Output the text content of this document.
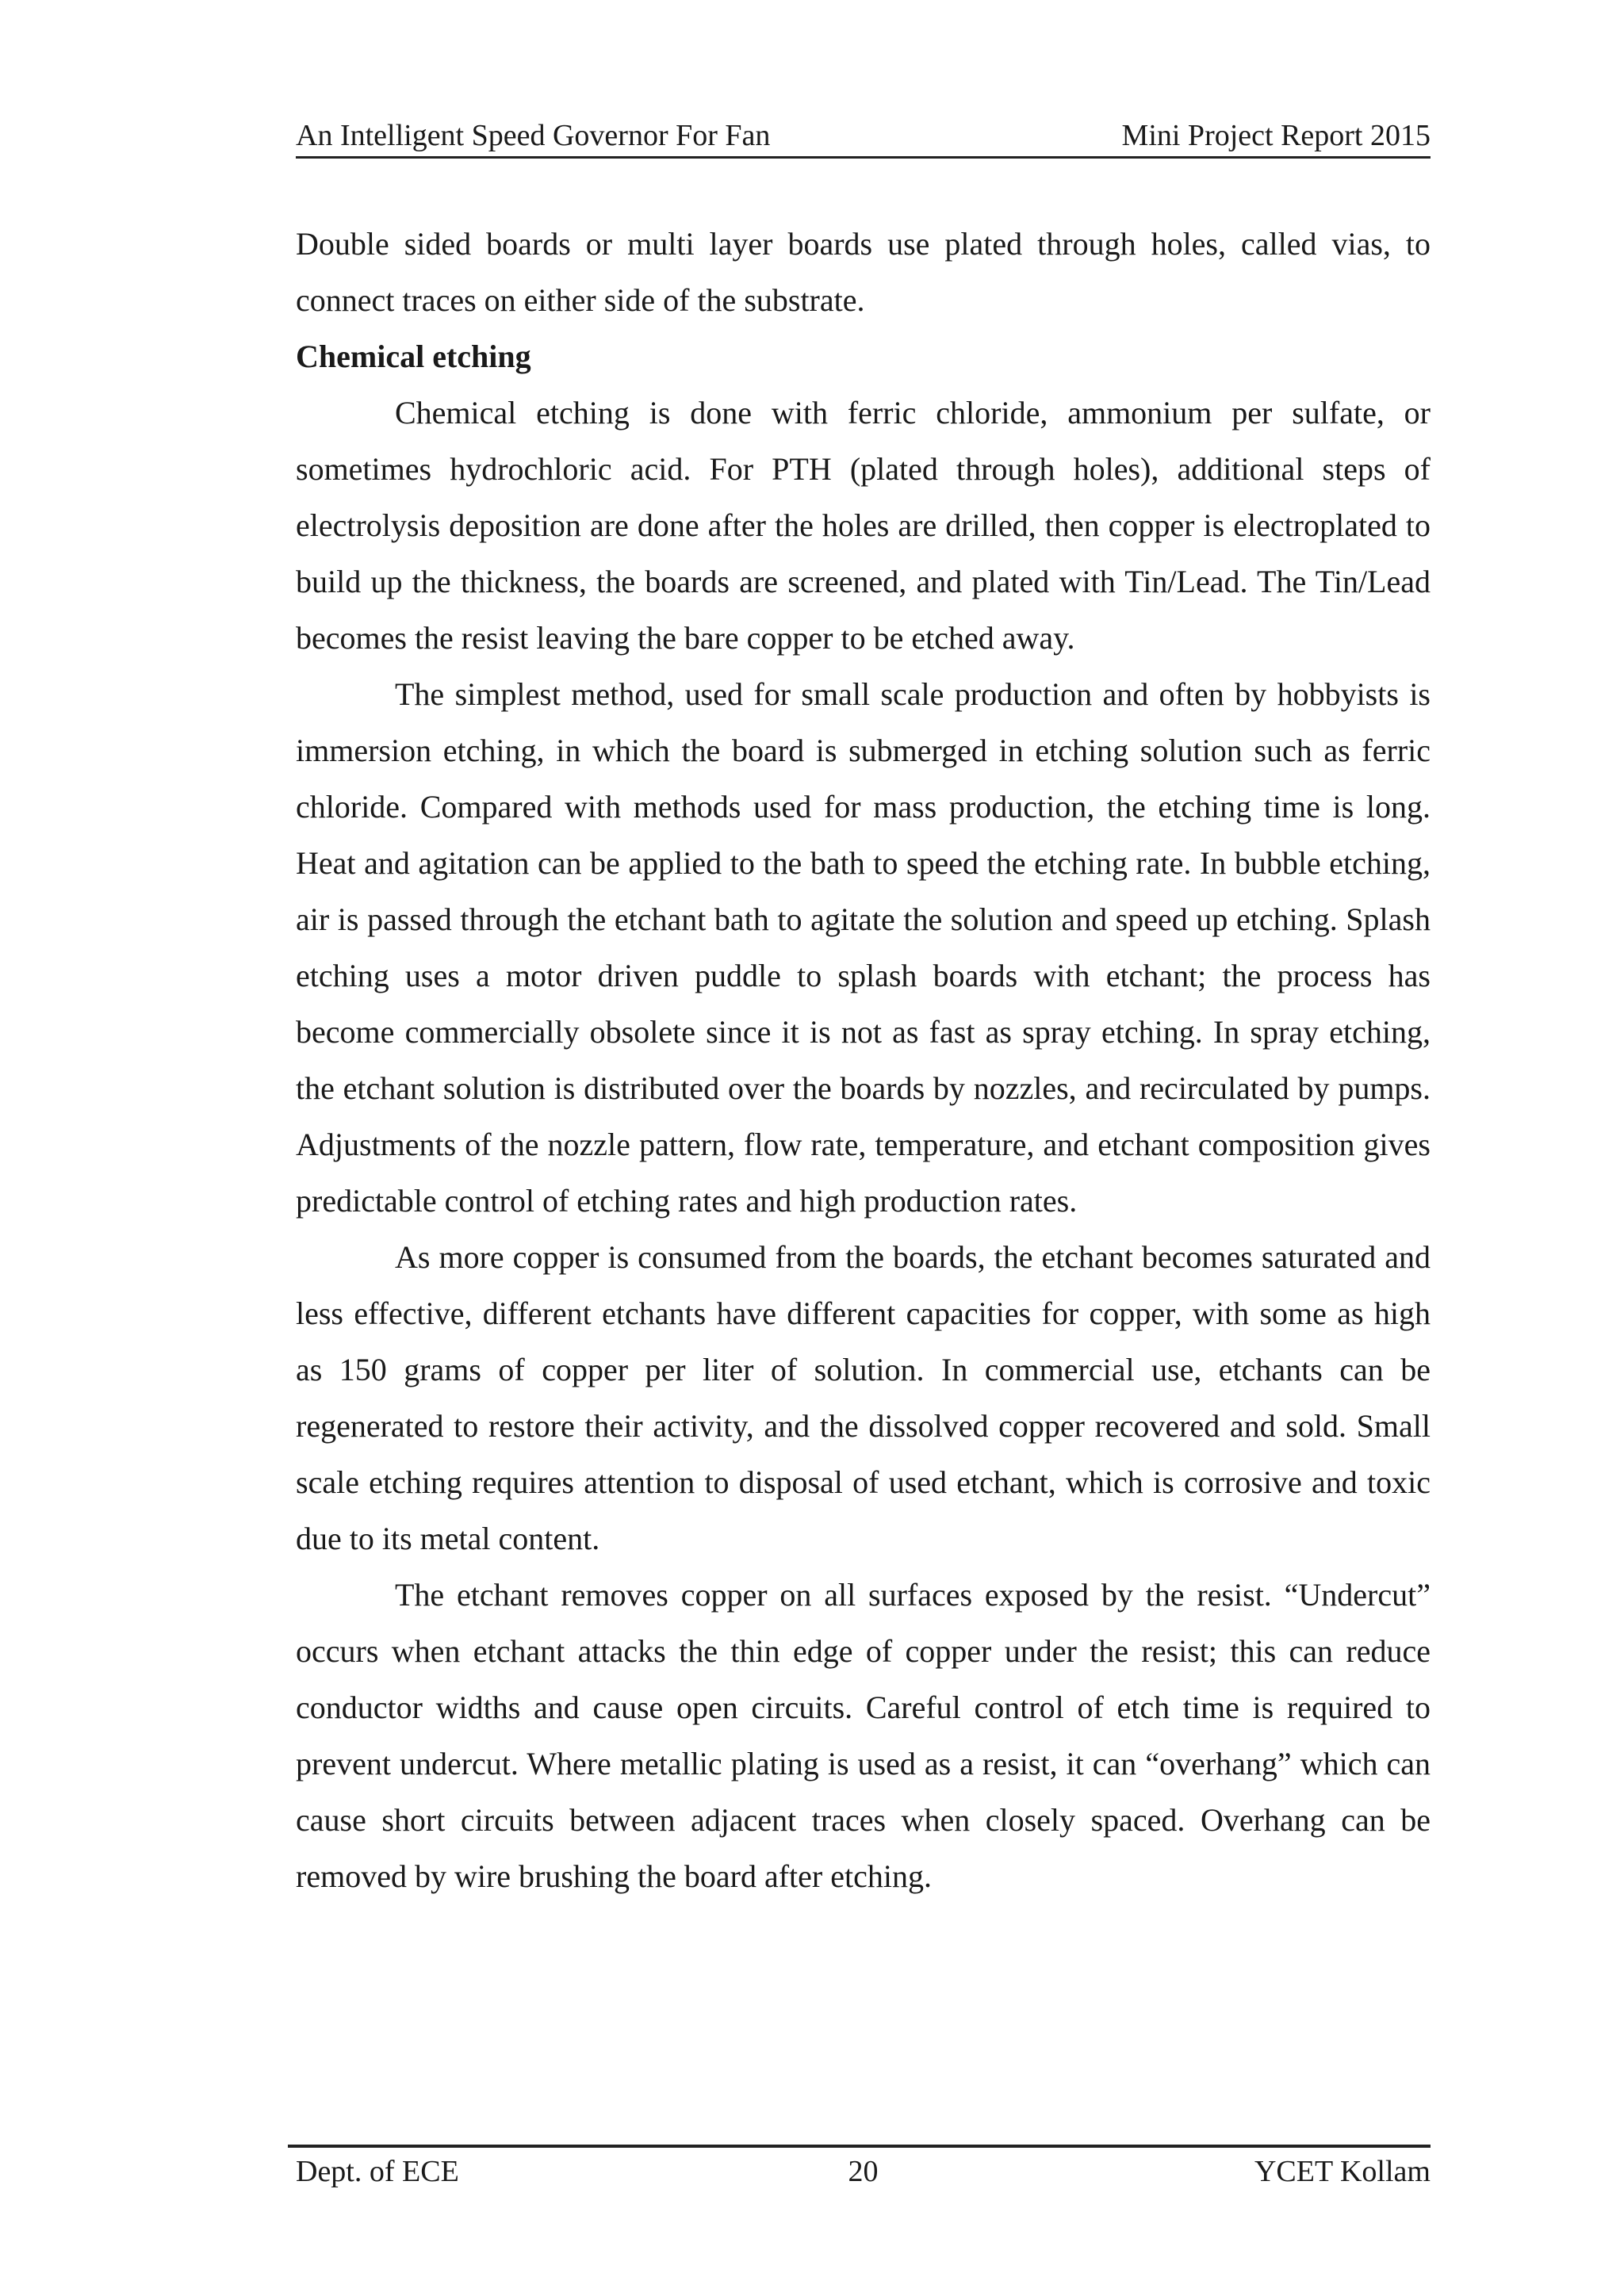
An Intelligent Speed Governor For Fan	Mini Project Report 2015

Double sided boards or multi layer boards use plated through holes, called vias, to connect traces on either side of the substrate.

Chemical etching

Chemical etching is done with ferric chloride, ammonium per sulfate, or sometimes hydrochloric acid. For PTH (plated through holes), additional steps of electrolysis deposition are done after the holes are drilled, then copper is electroplated to build up the thickness, the boards are screened, and plated with Tin/Lead. The Tin/Lead becomes the resist leaving the bare copper to be etched away.

The simplest method, used for small scale production and often by hobbyists is immersion etching, in which the board is submerged in etching solution such as ferric chloride. Compared with methods used for mass production, the etching time is long. Heat and agitation can be applied to the bath to speed the etching rate. In bubble etching, air is passed through the etchant bath to agitate the solution and speed up etching. Splash etching uses a motor driven puddle to splash boards with etchant; the process has become commercially obsolete since it is not as fast as spray etching. In spray etching, the etchant solution is distributed over the boards by nozzles, and recirculated by pumps. Adjustments of the nozzle pattern, flow rate, temperature, and etchant composition gives predictable control of etching rates and high production rates.

As more copper is consumed from the boards, the etchant becomes saturated and less effective, different etchants have different capacities for copper, with some as high as 150 grams of copper per liter of solution. In commercial use, etchants can be regenerated to restore their activity, and the dissolved copper recovered and sold. Small scale etching requires attention to disposal of used etchant, which is corrosive and toxic due to its metal content.

The etchant removes copper on all surfaces exposed by the resist. “Undercut” occurs when etchant attacks the thin edge of copper under the resist; this can reduce conductor widths and cause open circuits. Careful control of etch time is required to prevent undercut. Where metallic plating is used as a resist, it can “overhang” which can cause short circuits between adjacent traces when closely spaced. Overhang can be removed by wire brushing the board after etching.

Dept. of ECE	20	YCET Kollam
